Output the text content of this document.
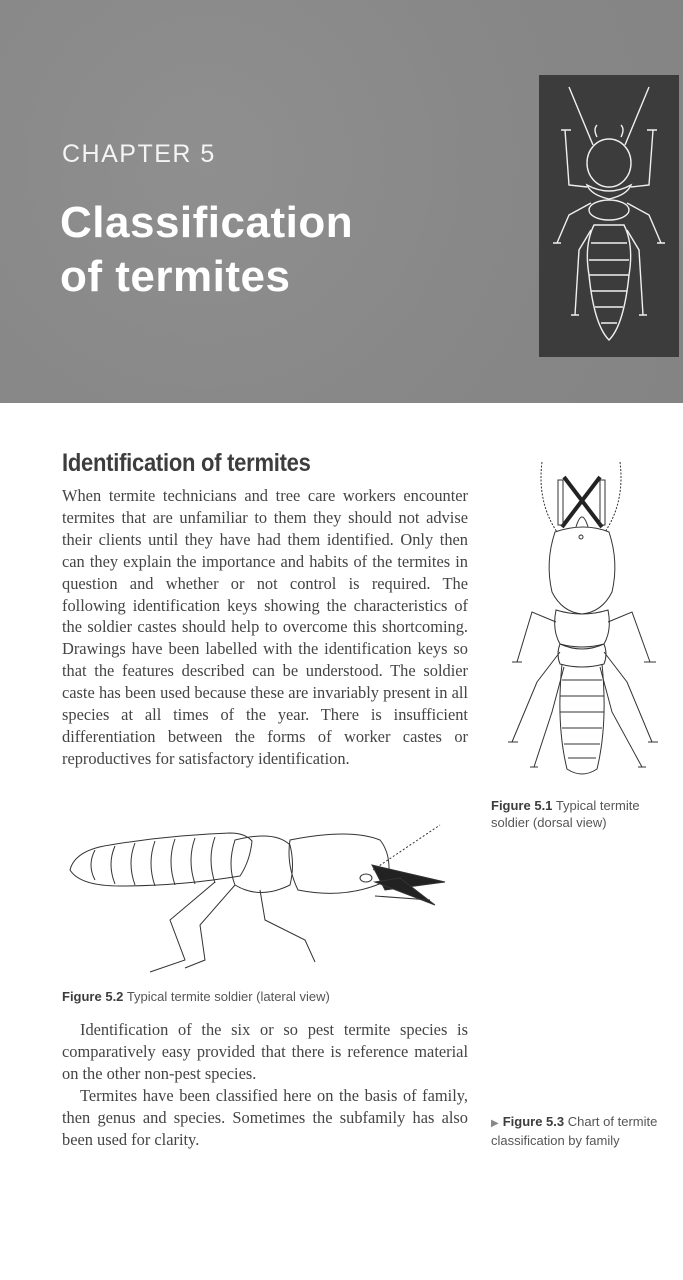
CHAPTER 5
Classification
of termites
Identification of termites

When termite technicians and tree care workers encounter termites that are unfamiliar to them they should not advise their clients until they have had them identified. Only then can they explain the importance and habits of the termites in question and whether or not control is required. The following identification keys showing the characteristics of the soldier castes should help to overcome this shortcoming. Drawings have been labelled with the identification keys so that the features described can be understood. The soldier caste has been used because these are invariably present in all species at all times of the year. There is insufficient differentiation between the forms of worker castes or reproductives for satisfactory identification.

Figure 5.1 Typical termite soldier (dorsal view)
Figure 5.2 Typical termite soldier (lateral view)

Identification of the six or so pest termite species is comparatively easy provided that there is reference material on the other non-pest species.

Termites have been classified here on the basis of family, then genus and species. Sometimes the subfamily has also been used for clarity.

▶ Figure 5.3 Chart of termite classification by family
